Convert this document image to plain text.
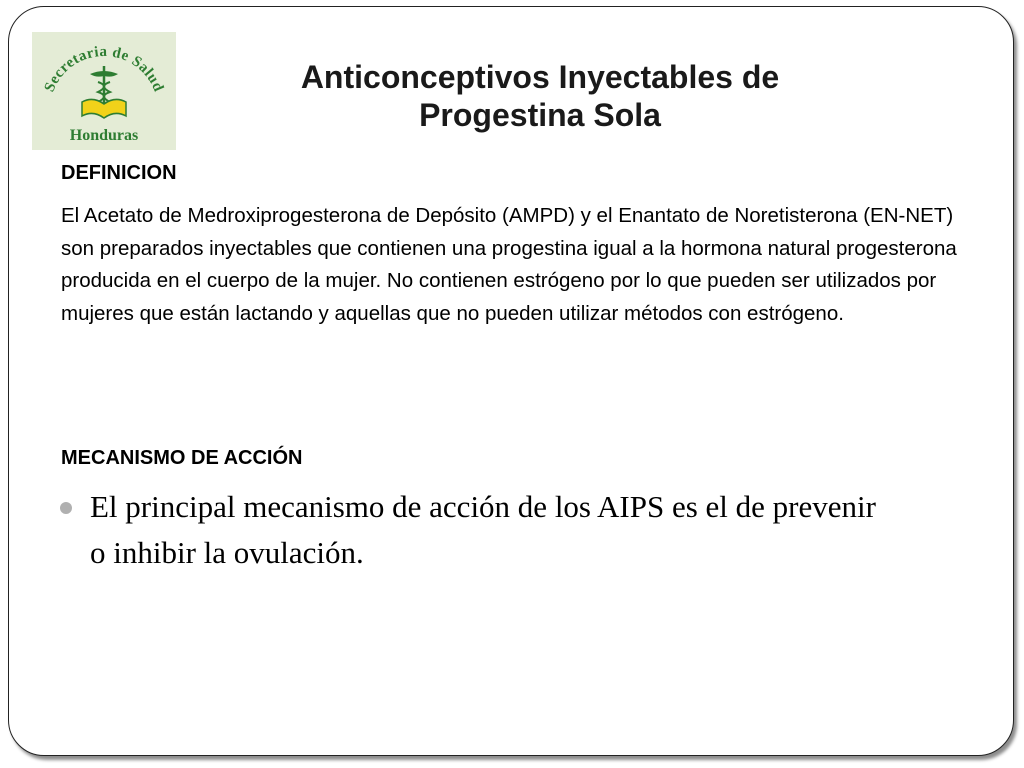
Secretaria de Salud
Honduras
Anticonceptivos Inyectables de Progestina Sola
DEFINICION

El Acetato de Medroxiprogesterona de Depósito (AMPD) y el Enantato de Noretisterona (EN-NET) son preparados inyectables que contienen una progestina igual a la hormona natural progesterona producida en el cuerpo de la mujer. No contienen estrógeno por lo que pueden ser utilizados por mujeres que están lactando y aquellas que no pueden utilizar métodos con estrógeno.

MECANISMO DE ACCIÓN
El principal mecanismo de acción de los AIPS es el de prevenir o inhibir la ovulación.
